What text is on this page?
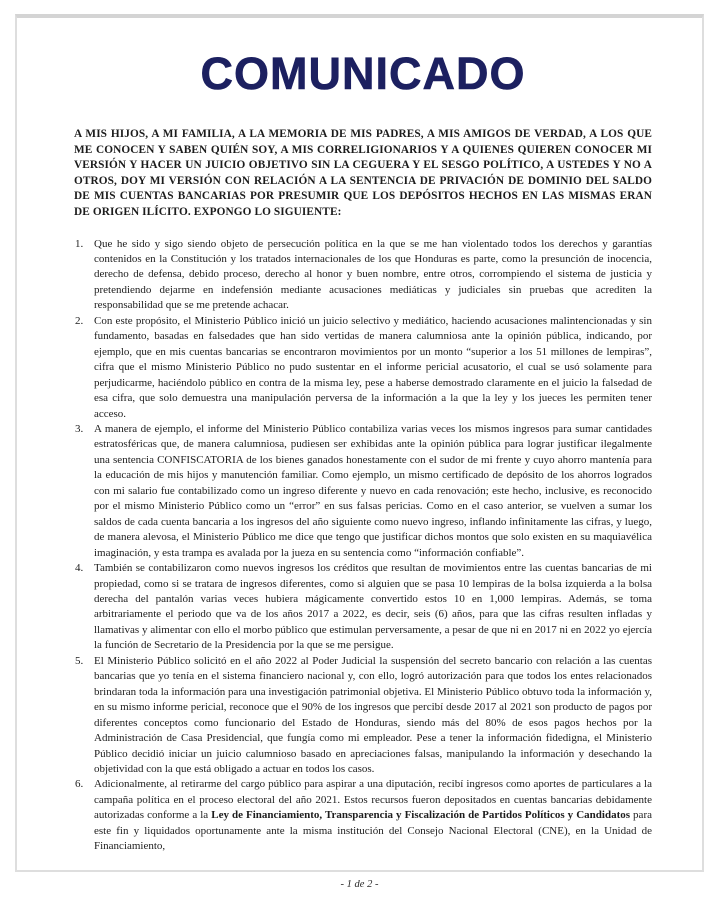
COMUNICADO

A MIS HIJOS, A MI FAMILIA, A LA MEMORIA DE MIS PADRES, A MIS AMIGOS DE VERDAD, A LOS QUE ME CONOCEN Y SABEN QUIÉN SOY, A MIS CORRELIGIONARIOS Y A QUIENES QUIEREN CONOCER MI VERSIÓN Y HACER UN JUICIO OBJETIVO SIN LA CEGUERA Y EL SESGO POLÍTICO, A USTEDES Y NO A OTROS, DOY MI VERSIÓN CON RELACIÓN A LA SENTENCIA DE PRIVACIÓN DE DOMINIO DEL SALDO DE MIS CUENTAS BANCARIAS POR PRESUMIR QUE LOS DEPÓSITOS HECHOS EN LAS MISMAS ERAN DE ORIGEN ILÍCITO. EXPONGO LO SIGUIENTE:

1. Que he sido y sigo siendo objeto de persecución política en la que se me han violentado todos los derechos y garantías contenidos en la Constitución y los tratados internacionales de los que Honduras es parte, como la presunción de inocencia, derecho de defensa, debido proceso, derecho al honor y buen nombre, entre otros, corrompiendo el sistema de justicia y pretendiendo dejarme en indefensión mediante acusaciones mediáticas y judiciales sin pruebas que acrediten la responsabilidad que se me pretende achacar.
2. Con este propósito, el Ministerio Público inició un juicio selectivo y mediático, haciendo acusaciones malintencionadas y sin fundamento, basadas en falsedades que han sido vertidas de manera calumniosa ante la opinión pública, indicando, por ejemplo, que en mis cuentas bancarias se encontraron movimientos por un monto “superior a los 51 millones de lempiras”, cifra que el mismo Ministerio Público no pudo sustentar en el informe pericial acusatorio, el cual se usó solamente para perjudicarme, haciéndolo público en contra de la misma ley, pese a haberse demostrado claramente en el juicio la falsedad de esa cifra, que solo demuestra una manipulación perversa de la información a la que la ley y los jueces les permiten tener acceso.
3. A manera de ejemplo, el informe del Ministerio Público contabiliza varias veces los mismos ingresos para sumar cantidades estratosféricas que, de manera calumniosa, pudiesen ser exhibidas ante la opinión pública para lograr justificar ilegalmente una sentencia CONFISCATORIA de los bienes ganados honestamente con el sudor de mi frente y cuyo ahorro mantenía para la educación de mis hijos y manutención familiar. Como ejemplo, un mismo certificado de depósito de los ahorros logrados con mi salario fue contabilizado como un ingreso diferente y nuevo en cada renovación; este hecho, inclusive, es reconocido por el mismo Ministerio Público como un “error” en sus falsas pericias. Como en el caso anterior, se vuelven a sumar los saldos de cada cuenta bancaria a los ingresos del año siguiente como nuevo ingreso, inflando infinitamente las cifras, y luego, de manera alevosa, el Ministerio Público me dice que tengo que justificar dichos montos que solo existen en su maquiavélica imaginación, y esta trampa es avalada por la jueza en su sentencia como “información confiable”.
4. También se contabilizaron como nuevos ingresos los créditos que resultan de movimientos entre las cuentas bancarias de mi propiedad, como si se tratara de ingresos diferentes, como si alguien que se pasa 10 lempiras de la bolsa izquierda a la bolsa derecha del pantalón varias veces hubiera mágicamente convertido estos 10 en 1,000 lempiras. Además, se toma arbitrariamente el periodo que va de los años 2017 a 2022, es decir, seis (6) años, para que las cifras resulten infladas y llamativas y alimentar con ello el morbo público que estimulan perversamente, a pesar de que ni en 2017 ni en 2022 yo ejercía la función de Secretario de la Presidencia por la que se me persigue.
5. El Ministerio Público solicitó en el año 2022 al Poder Judicial la suspensión del secreto bancario con relación a las cuentas bancarias que yo tenía en el sistema financiero nacional y, con ello, logró autorización para que todos los entes relacionados brindaran toda la información para una investigación patrimonial objetiva. El Ministerio Público obtuvo toda la información y, en su mismo informe pericial, reconoce que el 90% de los ingresos que percibí desde 2017 al 2021 son producto de pagos por diferentes conceptos como funcionario del Estado de Honduras, siendo más del 80% de esos pagos hechos por la Administración de Casa Presidencial, que fungía como mi empleador. Pese a tener la información fidedigna, el Ministerio Público decidió iniciar un juicio calumnioso basado en apreciaciones falsas, manipulando la información y desechando la objetividad con la que está obligado a actuar en todos los casos.
6. Adicionalmente, al retirarme del cargo público para aspirar a una diputación, recibí ingresos como aportes de particulares a la campaña política en el proceso electoral del año 2021. Estos recursos fueron depositados en cuentas bancarias debidamente autorizadas conforme a la Ley de Financiamiento, Transparencia y Fiscalización de Partidos Políticos y Candidatos para este fin y liquidados oportunamente ante la misma institución del Consejo Nacional Electoral (CNE), en la Unidad de Financiamiento,
- 1 de 2 -
